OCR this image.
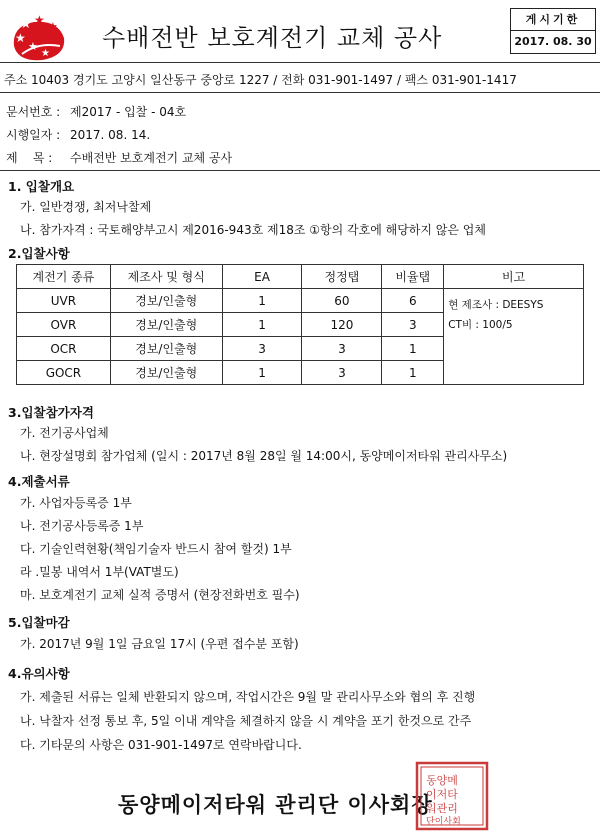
★ ★ ★
★
★
★
수배전반 보호계전기 교체 공사
게시기한
2017. 08. 30
주소 10403 경기도 고양시 일산동구 중앙로 1227 / 전화 031-901-1497 / 팩스 031-901-1417
문서번호 : 제2017 - 입찰 - 04호
시행일자 : 2017. 08. 14.
제    목 : 수배전반 보호계전기 교체 공사
1. 입찰개요
가. 일반경쟁, 최저낙찰제
나. 참가자격 : 국토해양부고시 제2016-943호 제18조 ①항의 각호에 해당하지 않은 업체
2.입찰사항
계전기 종류	제조사 및 형식	EA	정정탭	비율탭	비고
UVR	경보/인출형	1	60	6	현 제조사 : DEESYS
CT비 : 100/5

OVR	경보/인출형	1	120	3	
OCR	경보/인출형	3	3	1	
GOCR	경보/인출형	1	3	1	
3.입찰참가자격
가. 전기공사업체
나. 현장설명회 참가업체 (일시 : 2017년 8월 28일 월 14:00시, 동양메이저타워 관리사무소)
4.제출서류
가. 사업자등록증 1부
나. 전기공사등록증 1부
다. 기술인력현황(책임기술자 반드시 참여 할것) 1부
라 .밀봉 내역서 1부(VAT별도)
마. 보호계전기 교체 실적 증명서 (현장전화번호 필수)
5.입찰마감
가. 2017년 9월 1일 금요일 17시 (우편 접수분 포함)
4.유의사항
가. 제출된 서류는 일체 반환되지 않으며, 작업시간은 9월 말 관리사무소와 협의 후 진행
나. 낙찰자 선정 통보 후, 5일 이내 계약을 체결하지 않을 시 계약을 포기 한것으로 간주
다. 기타문의 사항은 031-901-1497로 연락바랍니다.
동양메이저타워 관리단 이사회장
동양메
이저타
워관리
단이사회
